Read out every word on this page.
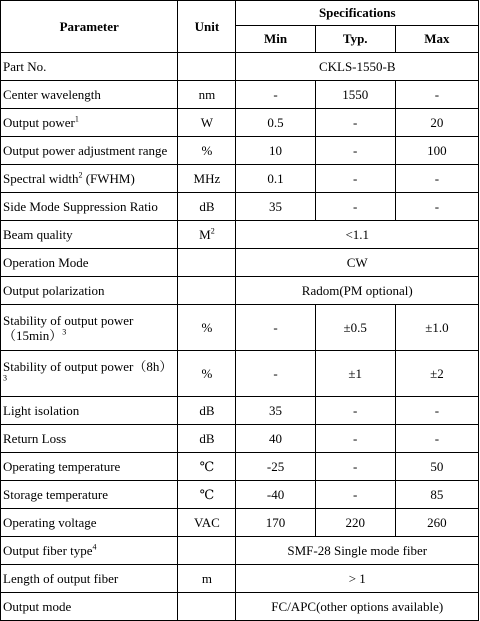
Parameter	Unit	Specifications		
		Min	Typ.	Max
Part No.		CKLS-1550-B		
Center wavelength	nm	-	1550	-
Output power$^1$	W	0.5	-	20
Output power adjustment range	%	10	-	100
Spectral width$^2$ (FWHM)	MHz	0.1	-	-
Side Mode Suppression Ratio	dB	35	-	-
Beam quality	$M^2$	<1.1		
Operation Mode		CW		
Output polarization		Radom(PM optional)		
Stability of output power
$(15\min)^3$	%	-	±0.5	±1.0
Stability of output power（8h）
$^3$	%	-	±1	±2
Light isolation	dB	35	-	-
Return Loss	dB	40	-	-
Operating temperature	℃	-25	-	50
Storage temperature	℃	-40	-	85
Operating voltage	VAC	170	220	260
Output fiber type$^4$		SMF-28 Single mode fiber		
Length of output fiber	m	> 1		
Output mode		FC/APC(other options available)		
